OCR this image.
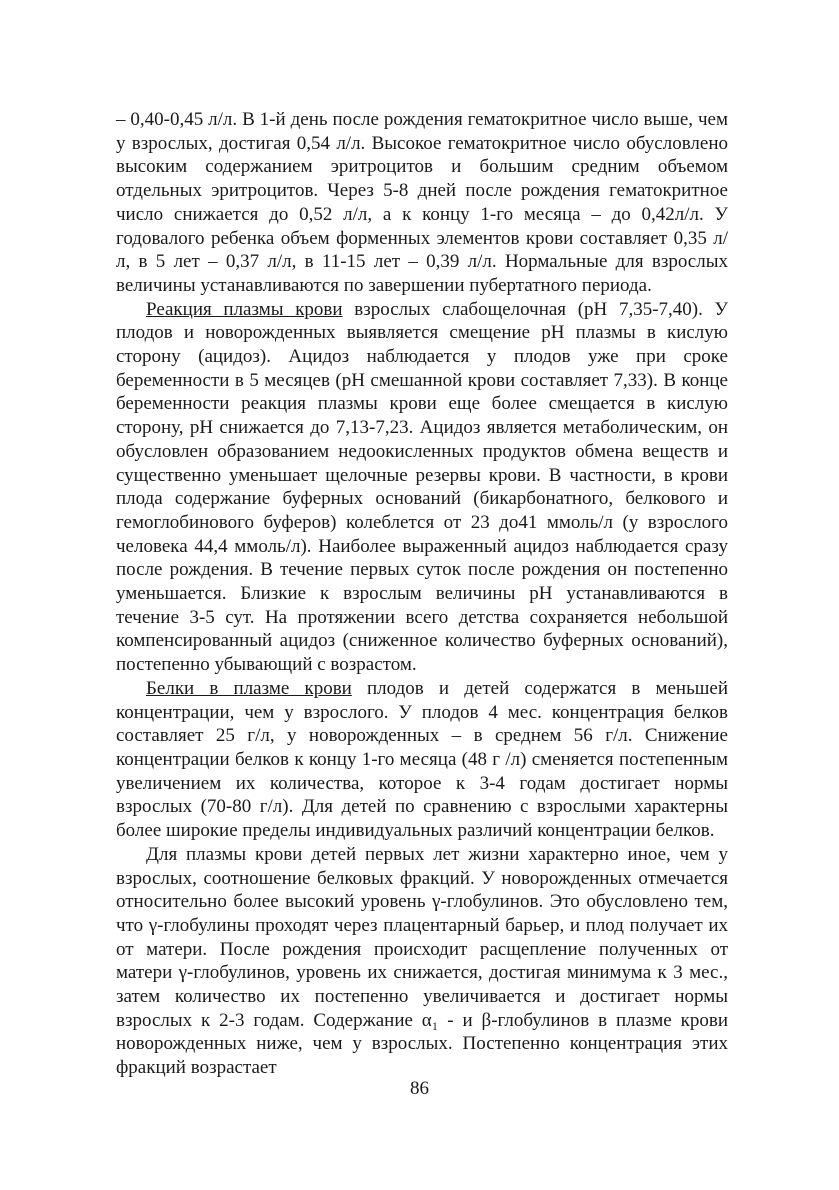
– 0,40-0,45 л/л. В 1-й день после рождения гематокритное число выше, чем у взрослых, достигая 0,54 л/л. Высокое гематокритное число обусловлено высоким содержанием эритроцитов и большим средним объемом отдельных эритроцитов. Через 5-8 дней после рождения гематокритное число снижается до 0,52 л/л, а к концу 1-го месяца – до 0,42л/л. У годовалого ребенка объем форменных элементов крови составляет 0,35 л/л, в 5 лет – 0,37 л/л, в 11-15 лет – 0,39 л/л. Нормальные для взрослых величины устанавливаются по завершении пубертатного периода.

Реакция плазмы крови взрослых слабощелочная (рН 7,35-7,40). У плодов и новорожденных выявляется смещение рН плазмы в кислую сторону (ацидоз). Ацидоз наблюдается у плодов уже при сроке беременности в 5 месяцев (рН смешанной крови составляет 7,33). В конце беременности реакция плазмы крови еще более смещается в кислую сторону, рН снижается до 7,13-7,23. Ацидоз является метаболическим, он обусловлен образованием недоокисленных продуктов обмена веществ и существенно уменьшает щелочные резервы крови. В частности, в крови плода содержание буферных оснований (бикарбонатного, белкового и гемоглобинового буферов) колеблется от 23 до41 ммоль/л (у взрослого человека 44,4 ммоль/л). Наиболее выраженный ацидоз наблюдается сразу после рождения. В течение первых суток после рождения он постепенно уменьшается. Близкие к взрослым величины рН устанавливаются в течение 3-5 сут. На протяжении всего детства сохраняется небольшой компенсированный ацидоз (сниженное количество буферных оснований), постепенно убывающий с возрастом.

Белки в плазме крови плодов и детей содержатся в меньшей концентрации, чем у взрослого. У плодов 4 мес. концентрация белков составляет 25 г/л, у новорожденных – в среднем 56 г/л. Снижение концентрации белков к концу 1-го месяца (48 г /л) сменяется постепенным увеличением их количества, которое к 3-4 годам достигает нормы взрослых (70-80 г/л). Для детей по сравнению с взрослыми характерны более широкие пределы индивидуальных различий концентрации белков.

Для плазмы крови детей первых лет жизни характерно иное, чем у взрослых, соотношение белковых фракций. У новорожденных отмечается относительно более высокий уровень γ-глобулинов. Это обусловлено тем, что γ-глобулины проходят через плацентарный барьер, и плод получает их от матери. После рождения происходит расщепление полученных от матери γ-глобулинов, уровень их снижается, достигая минимума к 3 мес., затем количество их постепенно увеличивается и достигает нормы взрослых к 2-3 годам. Содержание α₁ - и β-глобулинов в плазме крови новорожденных ниже, чем у взрослых. Постепенно концентрация этих фракций возрастает

86
